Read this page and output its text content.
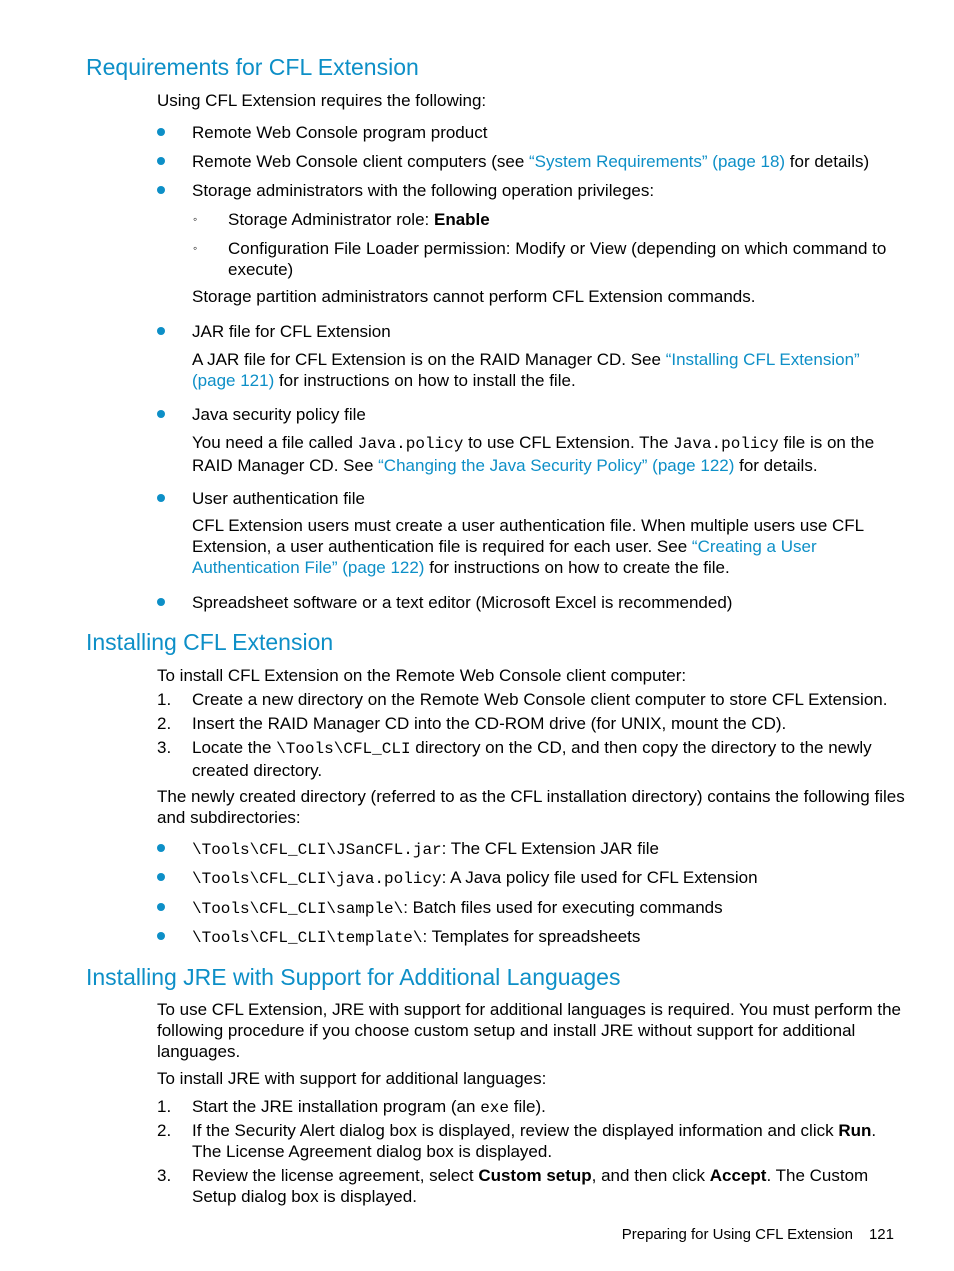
Requirements for CFL Extension

Using CFL Extension requires the following:

Remote Web Console program product

Remote Web Console client computers (see “System Requirements” (page 18) for details)

Storage administrators with the following operation privileges:

◦ Storage Administrator role: Enable

◦ Configuration File Loader permission: Modify or View (depending on which command to execute)

Storage partition administrators cannot perform CFL Extension commands.

JAR file for CFL Extension

A JAR file for CFL Extension is on the RAID Manager CD. See “Installing CFL Extension” (page 121) for instructions on how to install the file.

Java security policy file

You need a file called Java.policy to use CFL Extension. The Java.policy file is on the RAID Manager CD. See “Changing the Java Security Policy” (page 122) for details.

User authentication file

CFL Extension users must create a user authentication file. When multiple users use CFL Extension, a user authentication file is required for each user. See “Creating a User Authentication File” (page 122) for instructions on how to create the file.

Spreadsheet software or a text editor (Microsoft Excel is recommended)

Installing CFL Extension

To install CFL Extension on the Remote Web Console client computer:

1.	Create a new directory on the Remote Web Console client computer to store CFL Extension.

2.	Insert the RAID Manager CD into the CD-ROM drive (for UNIX, mount the CD).

3.	Locate the \Tools\CFL_CLI directory on the CD, and then copy the directory to the newly created directory.

The newly created directory (referred to as the CFL installation directory) contains the following files and subdirectories:

\Tools\CFL_CLI\JSanCFL.jar: The CFL Extension JAR file

\Tools\CFL_CLI\java.policy: A Java policy file used for CFL Extension

\Tools\CFL_CLI\sample\: Batch files used for executing commands

\Tools\CFL_CLI\template\: Templates for spreadsheets

Installing JRE with Support for Additional Languages

To use CFL Extension, JRE with support for additional languages is required. You must perform the following procedure if you choose custom setup and install JRE without support for additional languages.

To install JRE with support for additional languages:

1.	Start the JRE installation program (an exe file).

2.	If the Security Alert dialog box is displayed, review the displayed information and click Run. The License Agreement dialog box is displayed.

3.	Review the license agreement, select Custom setup, and then click Accept. The Custom Setup dialog box is displayed.

Preparing for Using CFL Extension 121
